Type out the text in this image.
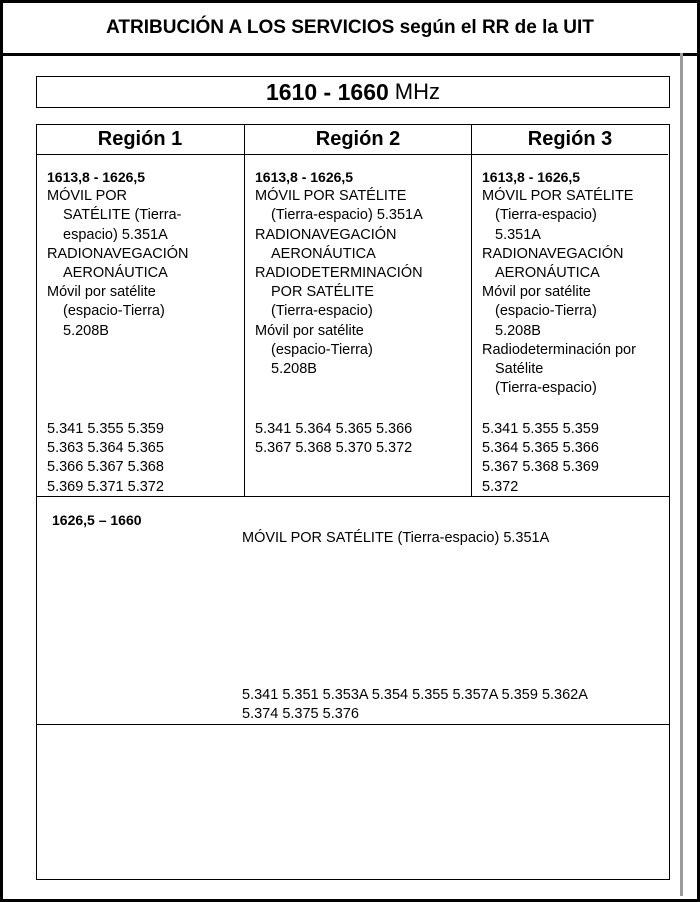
ATRIBUCIÓN A LOS SERVICIOS según el RR de la UIT
1610 - 1660 MHz
Región 1	Región 2	Región 3
1613,8 - 1626,5
MÓVIL POR
SATÉLITE (Tierra-
espacio) 5.351A
RADIONAVEGACIÓN
AERONÁUTICA
Móvil por satélite
(espacio-Tierra)
5.208B
5.341 5.355 5.359
5.363 5.364 5.365
5.366 5.367 5.368
5.369 5.371 5.372
1613,8 - 1626,5
MÓVIL POR SATÉLITE
(Tierra-espacio) 5.351A
RADIONAVEGACIÓN
AERONÁUTICA
RADIODETERMINACIÓN
POR SATÉLITE
(Tierra-espacio)
Móvil por satélite
(espacio-Tierra)
5.208B
5.341 5.364 5.365 5.366
5.367 5.368 5.370 5.372
1613,8 - 1626,5
MÓVIL POR SATÉLITE
(Tierra-espacio)
5.351A
RADIONAVEGACIÓN
AERONÁUTICA
Móvil por satélite
(espacio-Tierra)
5.208B
Radiodeterminación por
Satélite
(Tierra-espacio)
5.341 5.355 5.359
5.364 5.365 5.366
5.367 5.368 5.369
5.372
1626,5 – 1660
MÓVIL POR SATÉLITE (Tierra-espacio) 5.351A
5.341 5.351 5.353A 5.354 5.355 5.357A 5.359 5.362A
5.374 5.375 5.376
